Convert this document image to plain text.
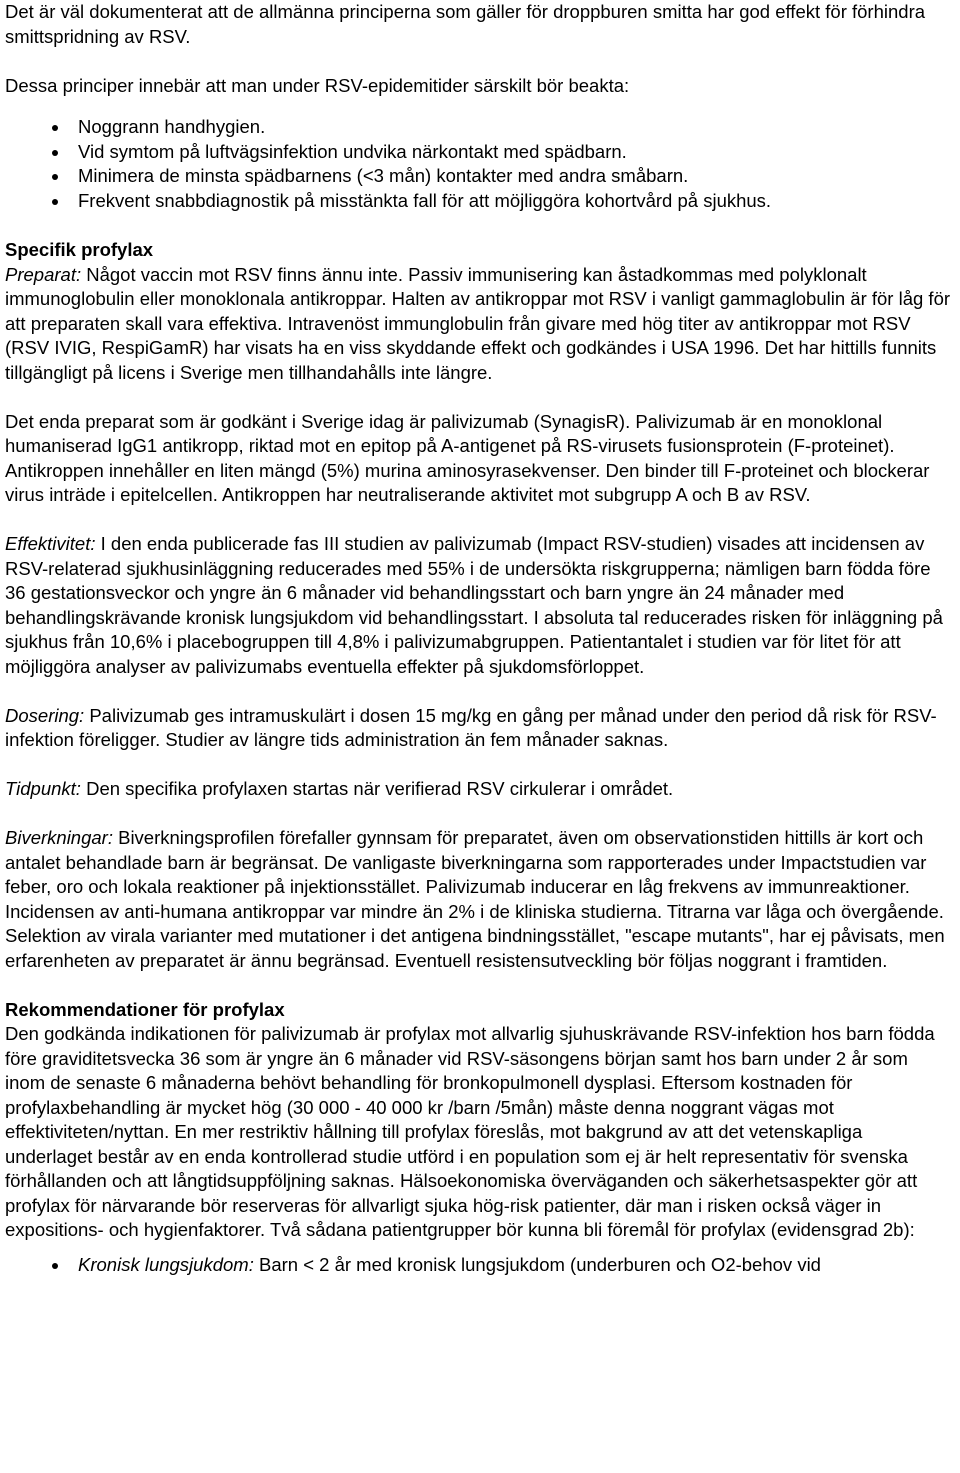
Det är väl dokumenterat att de allmänna principerna som gäller för droppburen smitta har god effekt för förhindra smittspridning av RSV.

Dessa principer innebär att man under RSV-epidemitider särskilt bör beakta:

Noggrann handhygien.
Vid symtom på luftvägsinfektion undvika närkontakt med spädbarn.
Minimera de minsta spädbarnens (<3 mån) kontakter med andra småbarn.
Frekvent snabbdiagnostik på misstänkta fall för att möjliggöra kohortvård på sjukhus.

Specifik profylax

Preparat: Något vaccin mot RSV finns ännu inte. Passiv immunisering kan åstadkommas med polyklonalt immunoglobulin eller monoklonala antikroppar. Halten av antikroppar mot RSV i vanligt gammaglobulin är för låg för att preparaten skall vara effektiva. Intravenöst immunglobulin från givare med hög titer av antikroppar mot RSV (RSV IVIG, RespiGamR) har visats ha en viss skyddande effekt och godkändes i USA 1996. Det har hittills funnits tillgängligt på licens i Sverige men tillhandahålls inte längre.

Det enda preparat som är godkänt i Sverige idag är palivizumab (SynagisR). Palivizumab är en monoklonal humaniserad IgG1 antikropp, riktad mot en epitop på A-antigenet på RS-virusets fusionsprotein (F-proteinet). Antikroppen innehåller en liten mängd (5%) murina aminosyrasekvenser. Den binder till F-proteinet och blockerar virus inträde i epitelcellen. Antikroppen har neutraliserande aktivitet mot subgrupp A och B av RSV.

Effektivitet: I den enda publicerade fas III studien av palivizumab (Impact RSV-studien) visades att incidensen av RSV-relaterad sjukhusinläggning reducerades med 55% i de undersökta riskgrupperna; nämligen barn födda före 36 gestationsveckor och yngre än 6 månader vid behandlingsstart och barn yngre än 24 månader med behandlingskrävande kronisk lungsjukdom vid behandlingsstart. I absoluta tal reducerades risken för inläggning på sjukhus från 10,6% i placebogruppen till 4,8% i palivizumabgruppen. Patientantalet i studien var för litet för att möjliggöra analyser av palivizumabs eventuella effekter på sjukdomsförloppet.

Dosering: Palivizumab ges intramuskulärt i dosen 15 mg/kg en gång per månad under den period då risk för RSV-infektion föreligger. Studier av längre tids administration än fem månader saknas.

Tidpunkt: Den specifika profylaxen startas när verifierad RSV cirkulerar i området.

Biverkningar: Biverkningsprofilen förefaller gynnsam för preparatet, även om observationstiden hittills är kort och antalet behandlade barn är begränsat. De vanligaste biverkningarna som rapporterades under Impactstudien var feber, oro och lokala reaktioner på injektionsstället. Palivizumab inducerar en låg frekvens av immunreaktioner. Incidensen av anti-humana antikroppar var mindre än 2% i de kliniska studierna. Titrarna var låga och övergående. Selektion av virala varianter med mutationer i det antigena bindningsstället, "escape mutants", har ej påvisats, men erfarenheten av preparatet är ännu begränsad. Eventuell resistensutveckling bör följas noggrant i framtiden.

Rekommendationer för profylax

Den godkända indikationen för palivizumab är profylax mot allvarlig sjuhuskrävande RSV-infektion hos barn födda före graviditetsvecka 36 som är yngre än 6 månader vid RSV-säsongens början samt hos barn under 2 år som inom de senaste 6 månaderna behövt behandling för bronkopulmonell dysplasi. Eftersom kostnaden för profylaxbehandling är mycket hög (30 000 - 40 000 kr /barn /5mån) måste denna noggrant vägas mot effektiviteten/nyttan. En mer restriktiv hållning till profylax föreslås, mot bakgrund av att det vetenskapliga underlaget består av en enda kontrollerad studie utförd i en population som ej är helt representativ för svenska förhållanden och att långtidsuppföljning saknas. Hälsoekonomiska överväganden och säkerhetsaspekter gör att profylax för närvarande bör reserveras för allvarligt sjuka hög-risk patienter, där man i risken också väger in expositions- och hygienfaktorer. Två sådana patientgrupper bör kunna bli föremål för profylax (evidensgrad 2b):

Kronisk lungsjukdom: Barn < 2 år med kronisk lungsjukdom (underburen och O2-behov vid
